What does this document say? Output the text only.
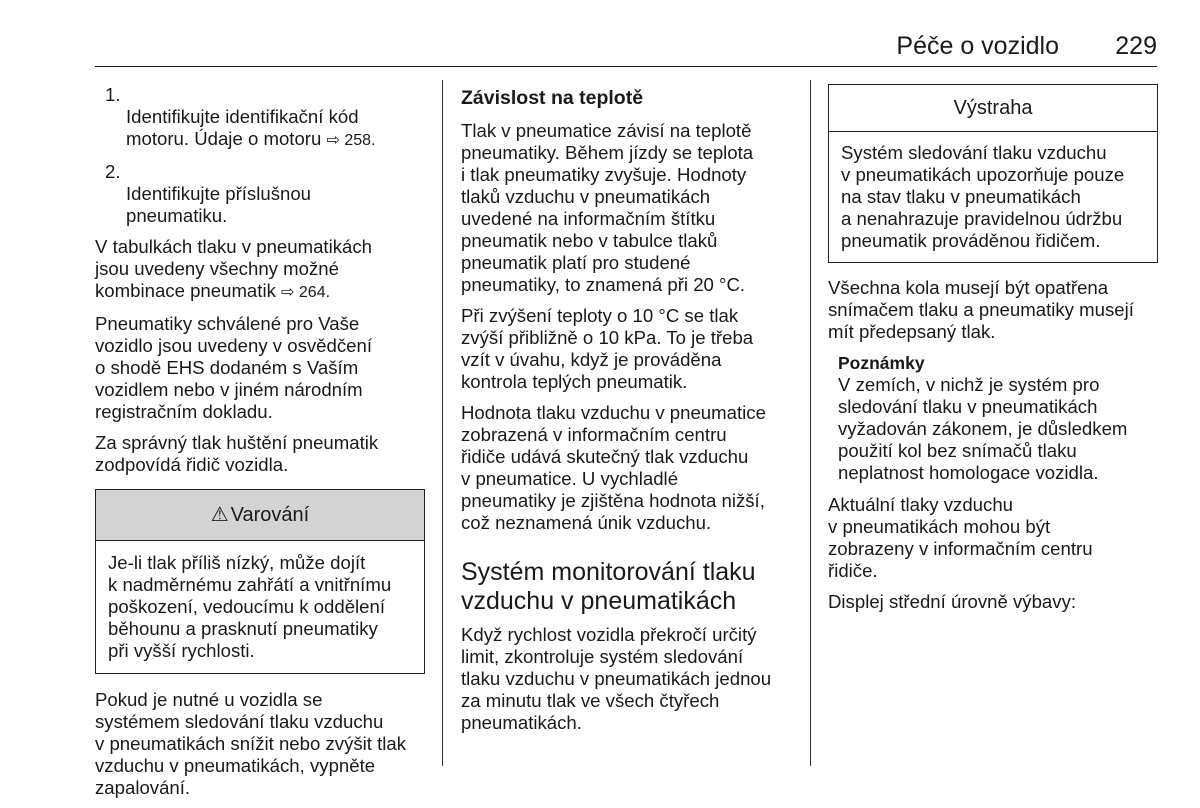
Péče o vozidlo 229

1.
Identifikujte identifikační kód
motoru. Údaje o motoru ⇨ 258.

2.
Identifikujte příslušnou
pneumatiku.

V tabulkách tlaku v pneumatikách
jsou uvedeny všechny možné
kombinace pneumatik ⇨ 264.

Pneumatiky schválené pro Vaše
vozidlo jsou uvedeny v osvědčení
o shodě EHS dodaném s Vaším
vozidlem nebo v jiném národním
registračním dokladu.

Za správný tlak huštění pneumatik
zodpovídá řidič vozidla.

⚠ Varování
Je-li tlak příliš nízký, může dojít
k nadměrnému zahřátí a vnitřnímu
poškození, vedoucímu k oddělení
běhounu a prasknutí pneumatiky
při vyšší rychlosti.

Pokud je nutné u vozidla se
systémem sledování tlaku vzduchu
v pneumatikách snížit nebo zvýšit tlak
vzduchu v pneumatikách, vypněte
zapalování.

Závislost na teplotě

Tlak v pneumatice závisí na teplotě
pneumatiky. Během jízdy se teplota
i tlak pneumatiky zvyšuje. Hodnoty
tlaků vzduchu v pneumatikách
uvedené na informačním štítku
pneumatik nebo v tabulce tlaků
pneumatik platí pro studené
pneumatiky, to znamená při 20 °C.

Při zvýšení teploty o 10 °C se tlak
zvýší přibližně o 10 kPa. To je třeba
vzít v úvahu, když je prováděna
kontrola teplých pneumatik.

Hodnota tlaku vzduchu v pneumatice
zobrazená v informačním centru
řidiče udává skutečný tlak vzduchu
v pneumatice. U vychladlé
pneumatiky je zjištěna hodnota nižší,
což neznamená únik vzduchu.

Systém monitorování tlaku
vzduchu v pneumatikách

Když rychlost vozidla překročí určitý
limit, zkontroluje systém sledování
tlaku vzduchu v pneumatikách jednou
za minutu tlak ve všech čtyřech
pneumatikách.

Výstraha
Systém sledování tlaku vzduchu
v pneumatikách upozorňuje pouze
na stav tlaku v pneumatikách
a nenahrazuje pravidelnou údržbu
pneumatik prováděnou řidičem.

Všechna kola musejí být opatřena
snímačem tlaku a pneumatiky musejí
mít předepsaný tlak.

Poznámky
V zemích, v nichž je systém pro
sledování tlaku v pneumatikách
vyžadován zákonem, je důsledkem
použití kol bez snímačů tlaku
neplatnost homologace vozidla.

Aktuální tlaky vzduchu
v pneumatikách mohou být
zobrazeny v informačním centru
řidiče.

Displej střední úrovně výbavy:
